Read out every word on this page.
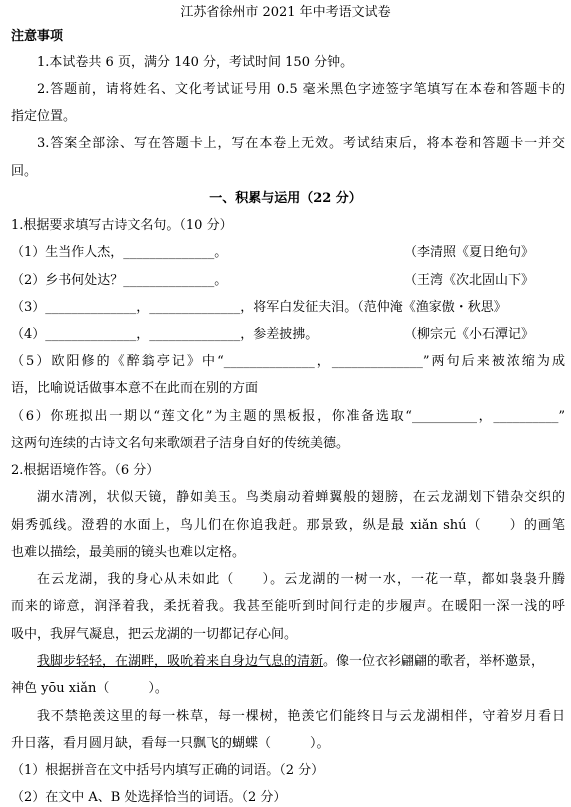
江苏省徐州市 2021 年中考语文试卷
注意事项
1.本试卷共 6 页，满分 140 分，考试时间 150 分钟。
2.答题前，请将姓名、文化考试证号用 0.5 毫米黑色字迹签字笔填写在本卷和答题卡的
指定位置。
3.答案全部涂、写在答题卡上，写在本卷上无效。考试结束后，将本卷和答题卡一并交
回。
一、积累与运用（22 分）
1.根据要求填写古诗文名句。（10 分）
（1）生当作人杰，______________。	（李清照《夏日绝句》
（2）乡书何处达？______________。	（王湾《次北固山下》
（3）______________，______________，将军白发征夫泪。（范仲淹《渔家傲・秋思》
（4）______________，______________，参差披拂。	（柳宗元《小石潭记》
（5）欧阳修的《醉翁亭记》中“______________，______________”两句后来被浓缩为成
语，比喻说话做事本意不在此而在别的方面
（6）你班拟出一期以“莲文化”为主题的黑板报，你准备选取“__________，__________”
这两句连续的古诗文名句来歌颂君子洁身自好的传统美德。
2.根据语境作答。（6 分）
湖水清冽，状似天镜，静如美玉。鸟类扇动着蝉翼般的翅膀，在云龙湖划下错杂交织的
娟秀弧线。澄碧的水面上，鸟儿们在你追我赶。那景致，纵是最 xiǎn shú（　　）的画笔
也难以描绘，最美丽的镜头也难以定格。
在云龙湖，我的身心从未如此（　　）。云龙湖的一树一水，一花一草，都如袅袅升腾
而来的谛意，润泽着我，柔抚着我。我甚至能听到时间行走的步履声。在暖阳一深一浅的呼
吸中，我屏气凝息，把云龙湖的一切都记存心间。
我脚步轻轻，在湖畔，吸吮着来自身边气息的清新。像一位衣衫翩翩的歌者，举杯邀景，
神色 yōu xiǎn（　　　）。
我不禁艳羡这里的每一株草，每一棵树，艳羡它们能终日与云龙湖相伴，守着岁月看日
升日落，看月圆月缺，看每一只飘飞的蝴蝶（　　　）。
（1）根据拼音在文中括号内填写正确的词语。（2 分）
（2）在文中 A、B 处选择恰当的词语。（2 分）
